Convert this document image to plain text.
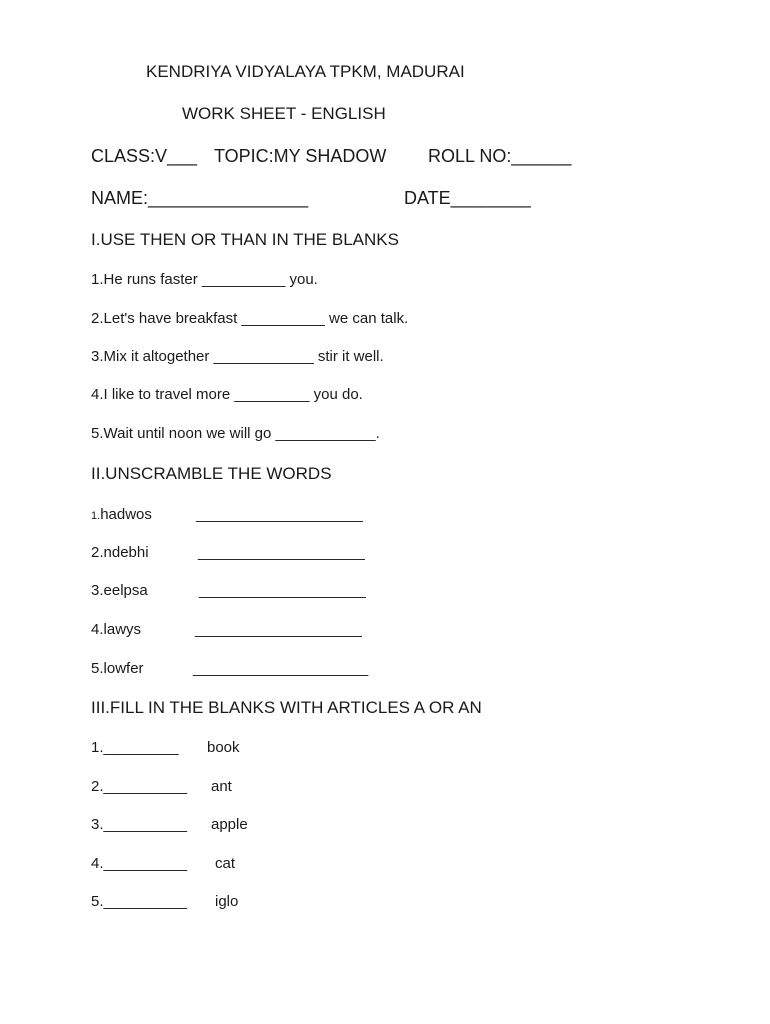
KENDRIYA VIDYALAYA TPKM, MADURAI
WORK SHEET - ENGLISH
CLASS:V___ TOPIC:MY SHADOW ROLL NO:______
NAME:________________	DATE________
I.USE THEN OR THAN IN THE BLANKS
1.He runs faster __________ you.
2.Let's have breakfast __________ we can talk.
3.Mix it altogether ____________ stir it well.
4.I like to travel more _________ you do.
5.Wait until noon we will go ____________.
II.UNSCRAMBLE THE WORDS
1.hadwos	____________________
2.ndebhi	____________________
3.eelpsa	____________________
4.lawys	____________________
5.lowfer	_____________________
III.FILL IN THE BLANKS WITH ARTICLES A OR AN
1._________ book
2.__________ ant
3.__________ apple
4.__________ cat
5.__________ iglo
